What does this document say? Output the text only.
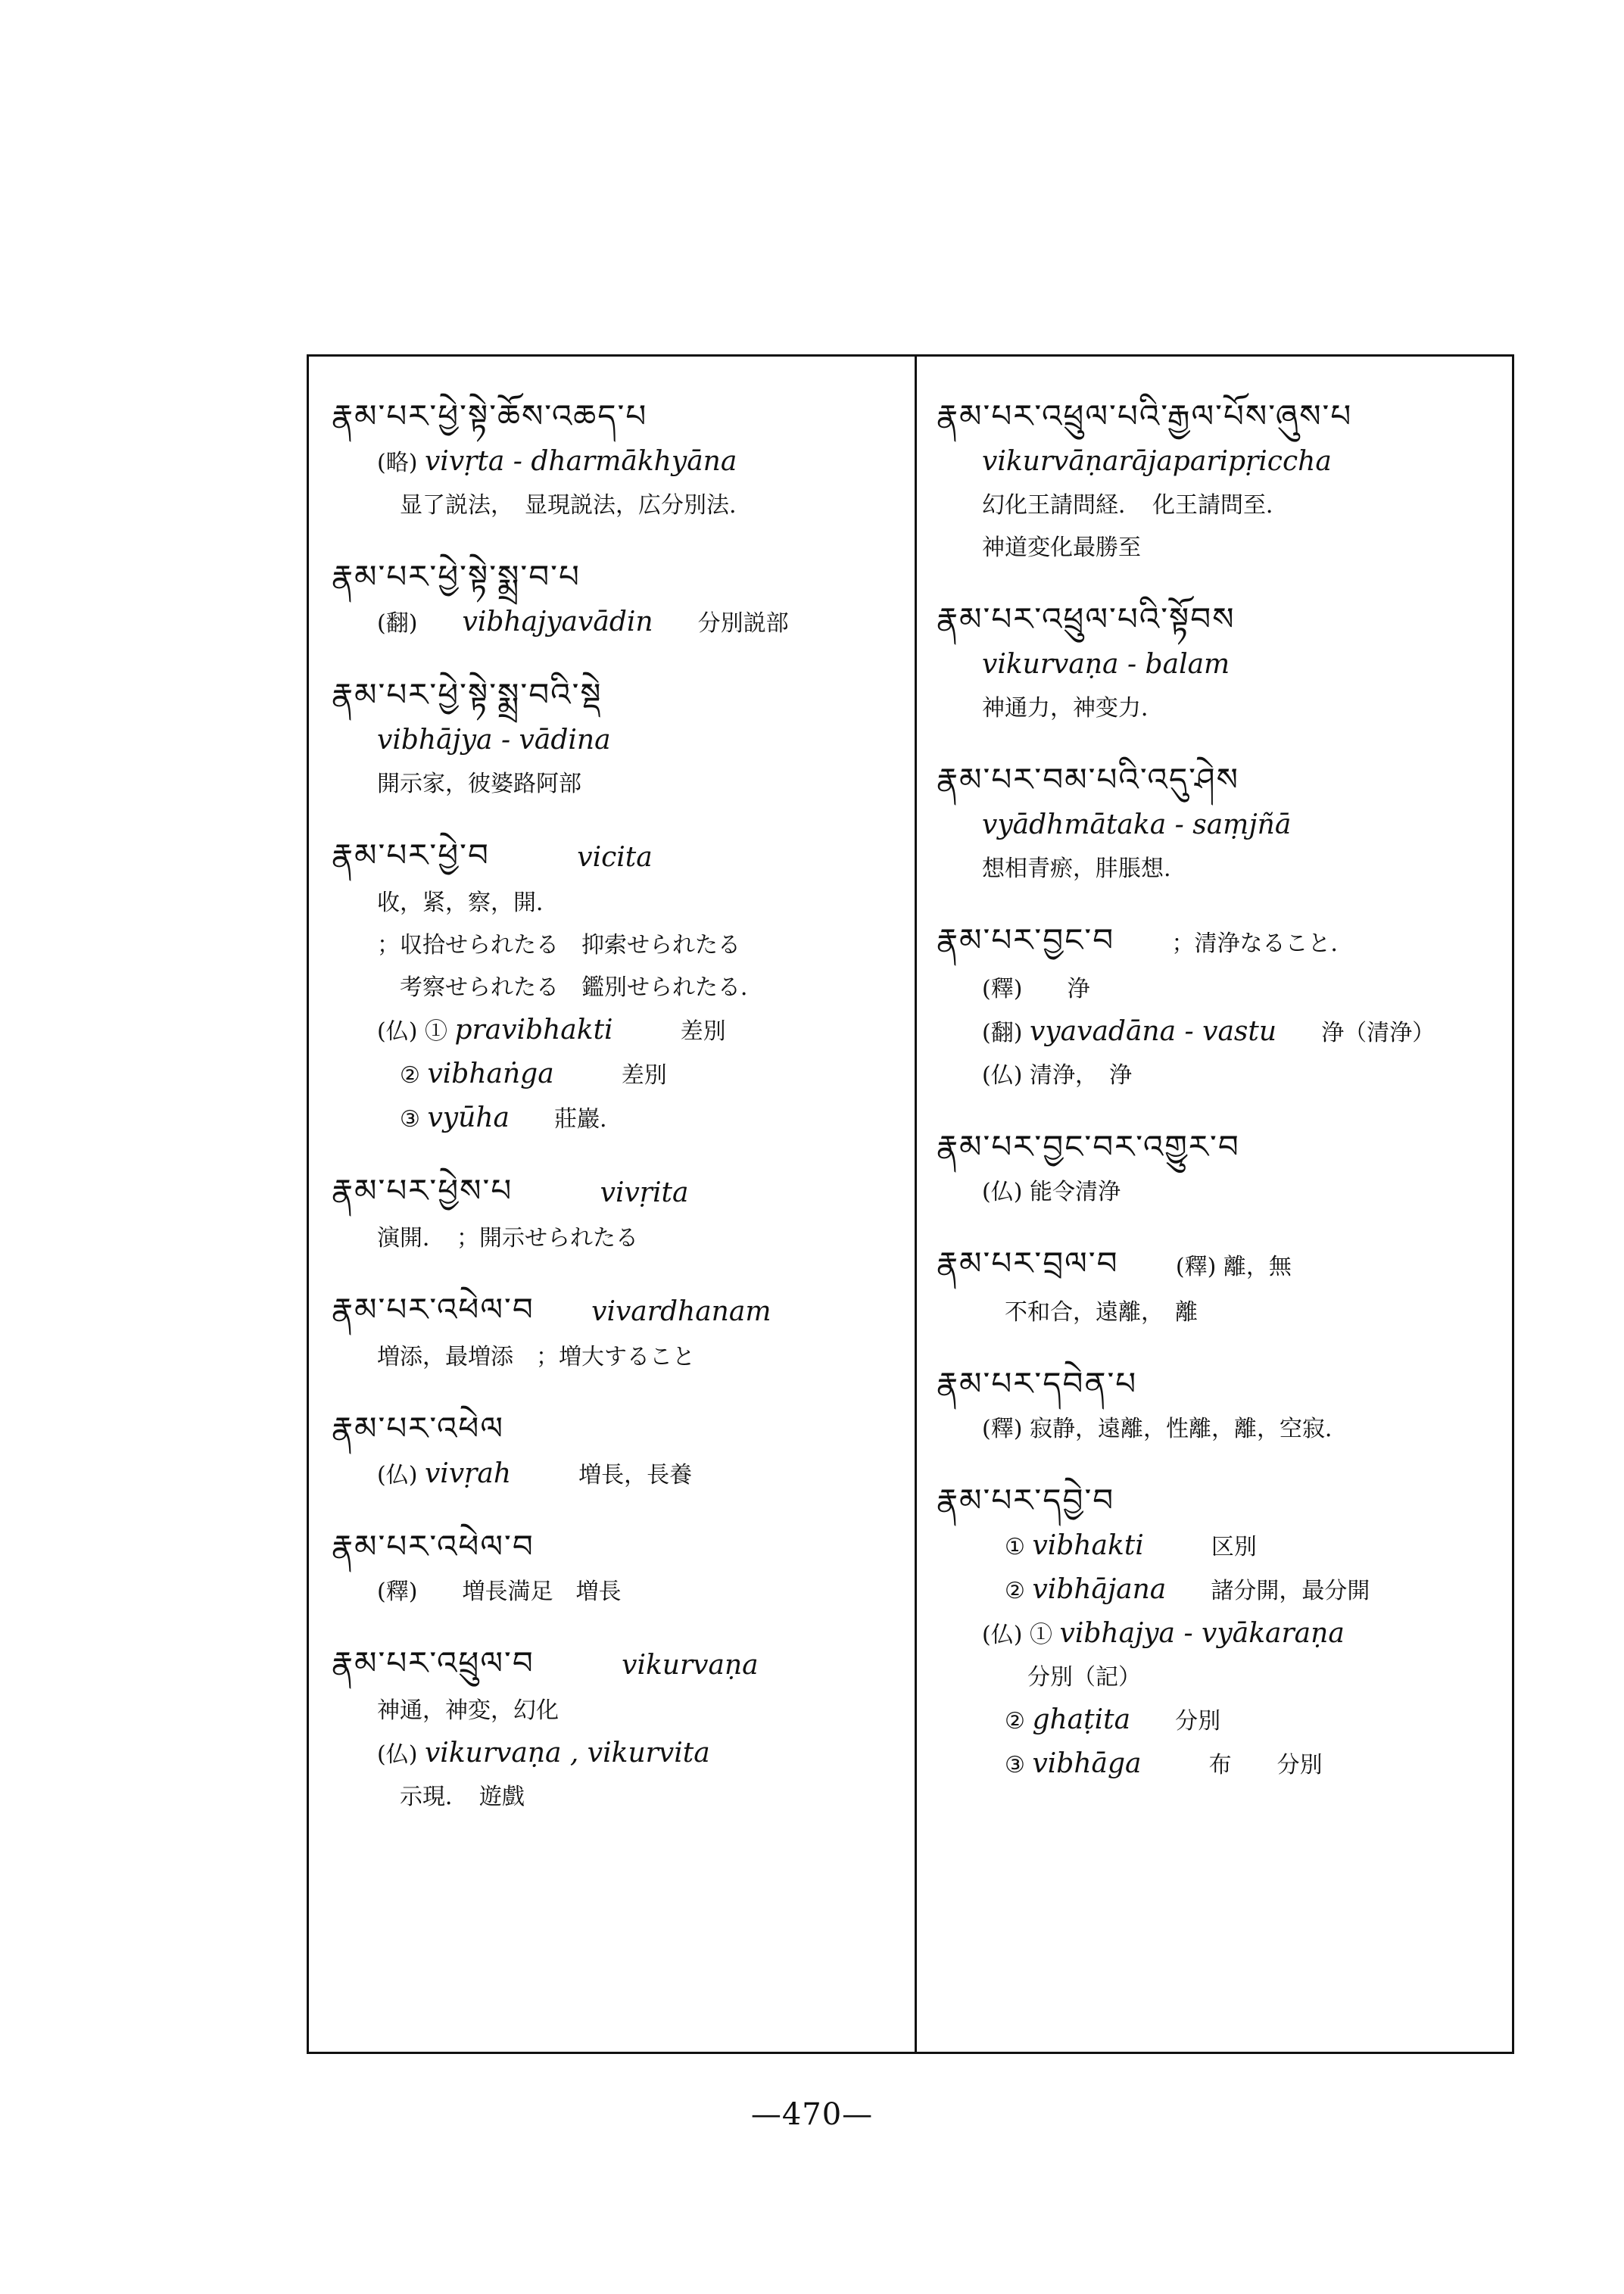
རྣམ་པར་ཕྱེ་སྟེ་ཆོས་འཆད་པ
(略) vivṛta - dharmākhyāna
显了説法，　显現説法，広分別法.
རྣམ་པར་ཕྱེ་སྟེ་སྨྲ་བ་པ
(翻) vibhajyavādin 分別説部
རྣམ་པར་ཕྱེ་སྟེ་སྨྲ་བའི་སྡེ
vibhājya - vādina
開示家，彼婆路阿部
རྣམ་པར་ཕྱེ་བ	vicita
收，紧，察，開．
；収拾せられたる　抑索せられたる
考察せられたる　鑑別せられたる．
(仏) ① pravibhakti	差別
② vibhaṅga	差別
③ vyūha 莊巖.
རྣམ་པར་ཕྱེས་པ	vivṛita
演開．　；開示せられたる
རྣམ་པར་འཕེལ་བ vivardhanam
増添，最増添　；増大すること
རྣམ་པར་འཕེལ
(仏) vivṛah	増長，長養
རྣམ་པར་འཕེལ་བ
(釋) 増長満足　増長
རྣམ་པར་འཕྲུལ་བ	vikurvaṇa
神通，神変，幻化
(仏) vikurvaṇa , vikurvita
示現．　遊戲
རྣམ་པར་འཕྲུལ་པའི་རྒྱལ་པོས་ཞུས་པ
vikurvāṇarājaparipṛiccha
幻化王請問経．　化王請問至．
神道変化最勝至
རྣམ་པར་འཕྲུལ་པའི་སྟོབས
vikurvaṇa - balam
神通力，神变力．
རྣམ་པར་བམ་པའི་འདུ་ཤེས
vyādhmātaka - saṃjñā
想相青瘀，肨脹想.
རྣམ་པར་བྱང་བ	；清浄なること．
(釋) 浄
(翻) vyavadāna - vastu 浄（清浄）
(仏) 清浄，　浄
རྣམ་པར་བྱང་བར་འགྱུར་བ
(仏) 能令清浄
རྣམ་པར་བྲལ་བ	(釋) 離，無
不和合，遠離，　離
རྣམ་པར་དབེན་པ
(釋) 寂静，遠離，性離，離，空寂．
རྣམ་པར་དབྱེ་བ
① vibhakti	区別
② vibhājana 諸分開，最分開
(仏) ① vibhajya - vyākaraṇa
分別（記）
② ghaṭita 分別
③ vibhāga	布　　分別
—470—
